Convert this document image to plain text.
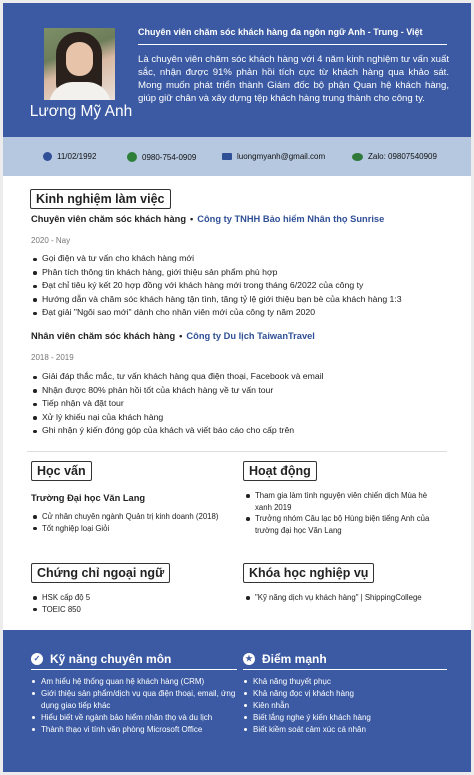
Lương Mỹ Anh
Chuyên viên chăm sóc khách hàng đa ngôn ngữ Anh - Trung - Việt
Là chuyên viên chăm sóc khách hàng với 4 năm kinh nghiệm tư vấn xuất sắc, nhận được 91% phản hồi tích cực từ khách hàng qua khảo sát. Mong muốn phát triển thành Giám đốc bộ phận Quan hệ khách hàng, giúp giữ chân và xây dựng tệp khách hàng trung thành cho công ty.
11/02/1992	0980-754-0909	luongmyanh@gmail.com	Zalo: 09807540909
Kinh nghiệm làm việc
Chuyên viên chăm sóc khách hàng • Công ty TNHH Bảo hiểm Nhân thọ Sunrise
2020 - Nay
Gọi điện và tư vấn cho khách hàng mới
Phân tích thông tin khách hàng, giới thiệu sản phẩm phù hợp
Đạt chỉ tiêu ký kết 20 hợp đồng với khách hàng mới trong tháng 6/2022 của công ty
Hướng dẫn và chăm sóc khách hàng tận tình, tăng tỷ lệ giới thiệu bạn bè của khách hàng 1:3
Đạt giải "Ngôi sao mới" dành cho nhân viên mới của công ty năm 2020
Nhân viên chăm sóc khách hàng • Công ty Du lịch TaiwanTravel
2018 - 2019
Giải đáp thắc mắc, tư vấn khách hàng qua điện thoại, Facebook và email
Nhận được 80% phản hồi tốt của khách hàng về tư vấn tour
Tiếp nhận và đặt tour
Xử lý khiếu nại của khách hàng
Ghi nhận ý kiến đóng góp của khách và viết báo cáo cho cấp trên
Học vấn
Trường Đại học Văn Lang
Cử nhân chuyên ngành Quản trị kinh doanh (2018)
Tốt nghiệp loại Giỏi
Hoạt động
Tham gia làm tình nguyện viên chiến dịch Mùa hè xanh 2019
Trưởng nhóm Câu lạc bộ Hùng biện tiếng Anh của trường đại học Văn Lang
Chứng chỉ ngoại ngữ
HSK cấp độ 5
TOEIC 850
Khóa học nghiệp vụ
"Kỹ năng dịch vụ khách hàng" | ShippingCollege
✓ Kỹ năng chuyên môn
Am hiểu hệ thống quan hệ khách hàng (CRM)
Giới thiệu sản phẩm/dịch vụ qua điện thoại, email, ứng dụng giao tiếp khác
Hiểu biết về ngành bảo hiểm nhân thọ và du lịch
Thành thạo vi tính văn phòng Microsoft Office
★ Điểm mạnh
Khả năng thuyết phục
Khả năng đọc vị khách hàng
Kiên nhẫn
Biết lắng nghe ý kiến khách hàng
Biết kiềm soát cảm xúc cá nhân
